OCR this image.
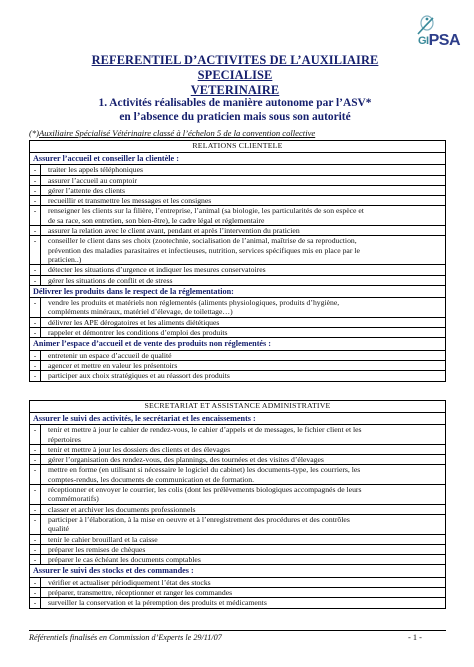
GIPSA
REFERENTIEL D’ACTIVITES DE L’AUXILIAIRE SPECIALISE
VETERINAIRE
1. Activités réalisables de manière autonome par l’ASV*
en l’absence du praticien mais sous son autorité
(*)Auxiliaire Spécialisé Vétérinaire classé à l’échelon 5 de la convention collective
RELATIONS CLIENTELE	
Assurer l’accueil et conseiller la clientèle :	
-	traiter les appels téléphoniques
-	assurer l’accueil au comptoir
-	gérer l’attente des clients
-	recueillir et transmettre les messages et les consignes
-	renseigner les clients sur la filière, l’entreprise, l’animal (sa biologie, les particularités de son espèce et
de sa race, son entretien, son bien-être), le cadre légal et réglementaire
-	assurer la relation avec le client avant, pendant et après l’intervention du praticien
-	conseiller le client dans ses choix (zootechnie, socialisation de l’animal, maîtrise de sa reproduction,
prévention des maladies parasitaires et infectieuses, nutrition, services spécifiques mis en place par le
praticien..)
-	détecter les situations d’urgence et indiquer les mesures conservatoires
-	gérer les situations de conflit et de stress
Délivrer les produits dans le respect de la réglementation:	
-	vendre les produits et matériels non réglementés (aliments physiologiques, produits d’hygiène,
compléments minéraux, matériel d’élevage, de toilettage…)
-	délivrer les APE dérogatoires et les aliments diététiques
-	rappeler et démontrer les conditions d’emploi des produits
Animer l’espace d’accueil et de vente des produits non réglementés :	
-	entretenir un espace d’accueil de qualité
-	agencer et mettre en valeur les présentoirs
-	participer aux choix stratégiques et au réassort des produits
SECRETARIAT ET ASSISTANCE ADMINISTRATIVE	
Assurer le suivi des activités, le secrétariat et les encaissements :	
-	tenir et mettre à jour le cahier de rendez-vous, le cahier d’appels et de messages, le fichier client et les
répertoires
-	tenir et mettre à jour les dossiers des clients et des élevages
-	gérer l’organisation des rendez-vous, des plannings, des tournées et des visites d’élevages
-	mettre en forme (en utilisant si nécessaire le logiciel du cabinet) les documents-type, les courriers, les
comptes-rendus, les documents de communication et de formation.
-	réceptionner et envoyer le courrier, les colis (dont les prélèvements biologiques accompagnés de leurs
commémoratifs)
-	classer et archiver les documents professionnels
-	participer à l’élaboration, à la mise en oeuvre et à l’enregistrement des procédures et des contrôles
qualité
-	tenir le cahier brouillard et la caisse
-	préparer les remises de chèques
-	préparer le cas échéant les documents comptables
Assurer le suivi des stocks et des commandes :	
-	vérifier et actualiser périodiquement l’état des stocks
-	préparer, transmettre, réceptionner et ranger les commandes
-	surveiller la conservation et la péremption des produits et médicaments
Référentiels finalisés en Commission d’Experts le 29/11/07	- 1 -
